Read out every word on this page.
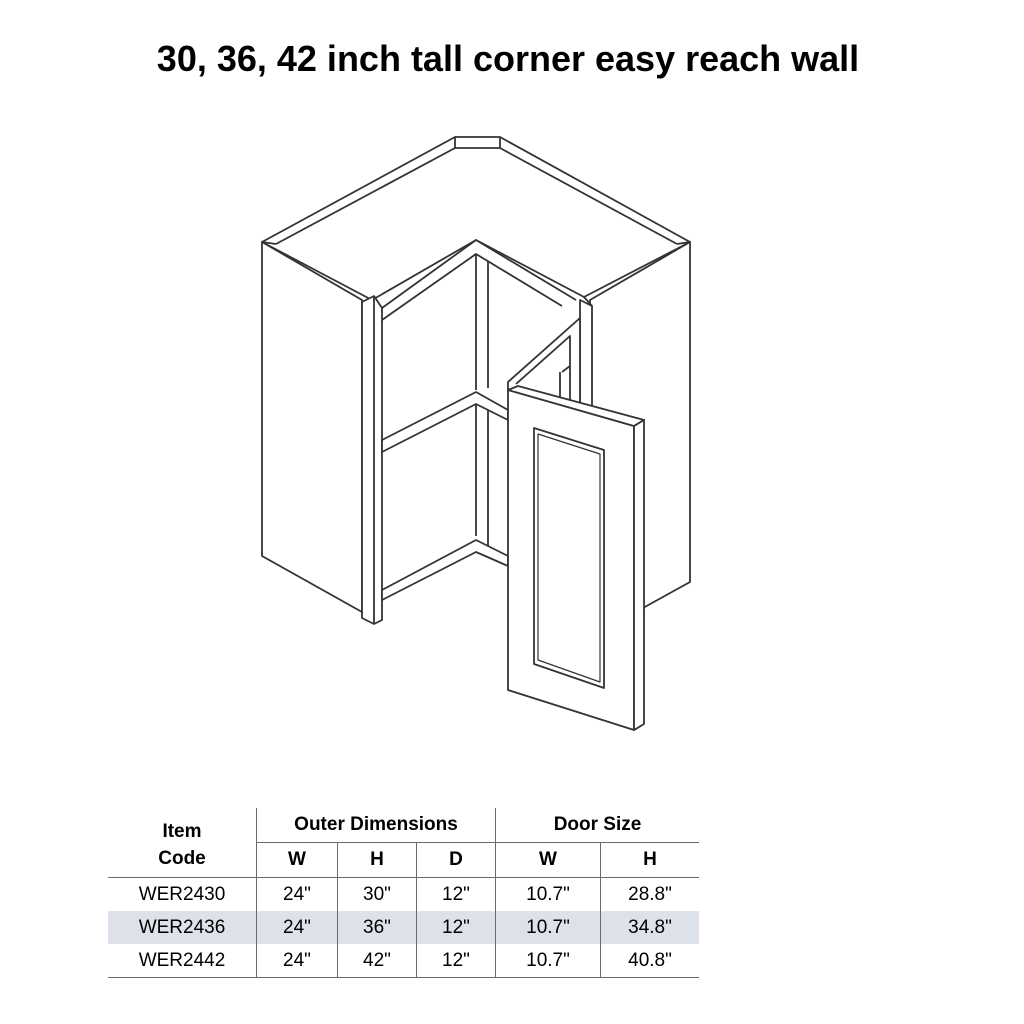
30, 36, 42 inch tall corner easy reach wall
Item
Code	Outer Dimensions			Door Size	
	W	H	D	W	H
WER2430	24"	30"	12"	10.7"	28.8"
WER2436	24"	36"	12"	10.7"	34.8"
WER2442	24"	42"	12"	10.7"	40.8"
